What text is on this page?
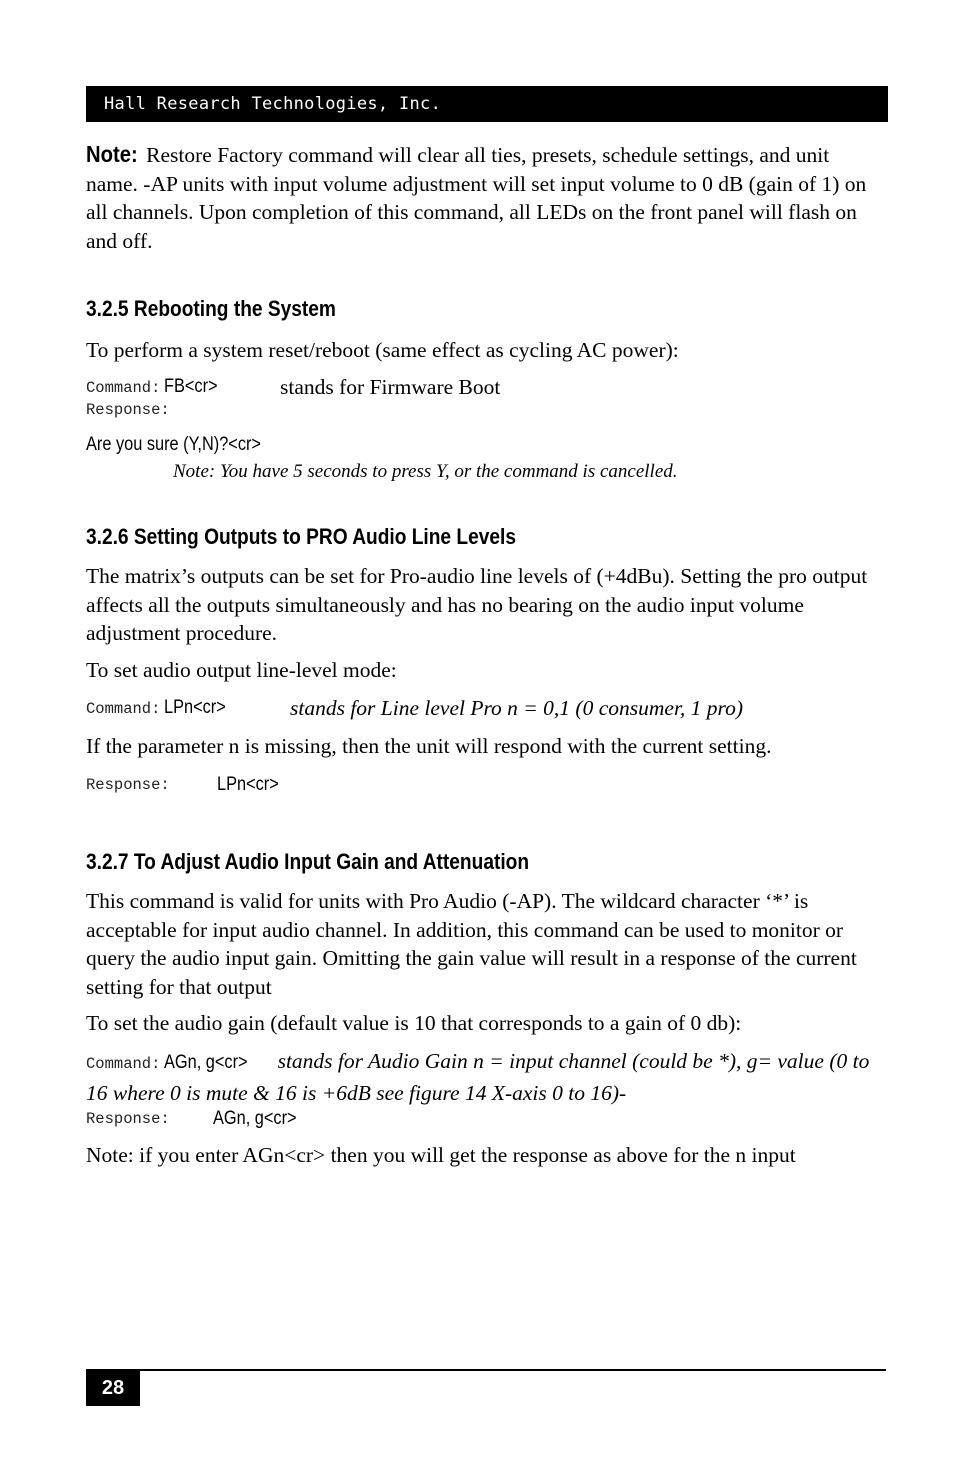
Hall Research Technologies, Inc.

Note: Restore Factory command will clear all ties, presets, schedule settings, and unit name. -AP units with input volume adjustment will set input volume to 0 dB (gain of 1) on all channels. Upon completion of this command, all LEDs on the front panel will flash on and off.

3.2.5 Rebooting the System

To perform a system reset/reboot (same effect as cycling AC power):

Command: FB<cr>	stands for Firmware Boot
Response:
Are you sure (Y,N)?<cr>
Note: You have 5 seconds to press Y, or the command is cancelled.
3.2.6 Setting Outputs to PRO Audio Line Levels

The matrix’s outputs can be set for Pro-audio line levels of (+4dBu). Setting the pro output affects all the outputs simultaneously and has no bearing on the audio input volume adjustment procedure.

To set audio output line-level mode:

Command: LPn<cr>	stands for Line level Pro n = 0,1 (0 consumer, 1 pro)

If the parameter n is missing, then the unit will respond with the current setting.

Response: LPn<cr>
3.2.7 To Adjust Audio Input Gain and Attenuation

This command is valid for units with Pro Audio (-AP). The wildcard character ‘*’ is acceptable for input audio channel. In addition, this command can be used to monitor or query the audio input gain. Omitting the gain value will result in a response of the current setting for that output

To set the audio gain (default value is 10 that corresponds to a gain of 0 db):

Command: AGn, g<cr> stands for Audio Gain n = input channel (could be *), g= value (0 to 16 where 0 is mute & 16 is +6dB see figure 14 X-axis 0 to 16)-
Response: AGn, g<cr>

Note: if you enter AGn<cr> then you will get the response as above for the n input

28
